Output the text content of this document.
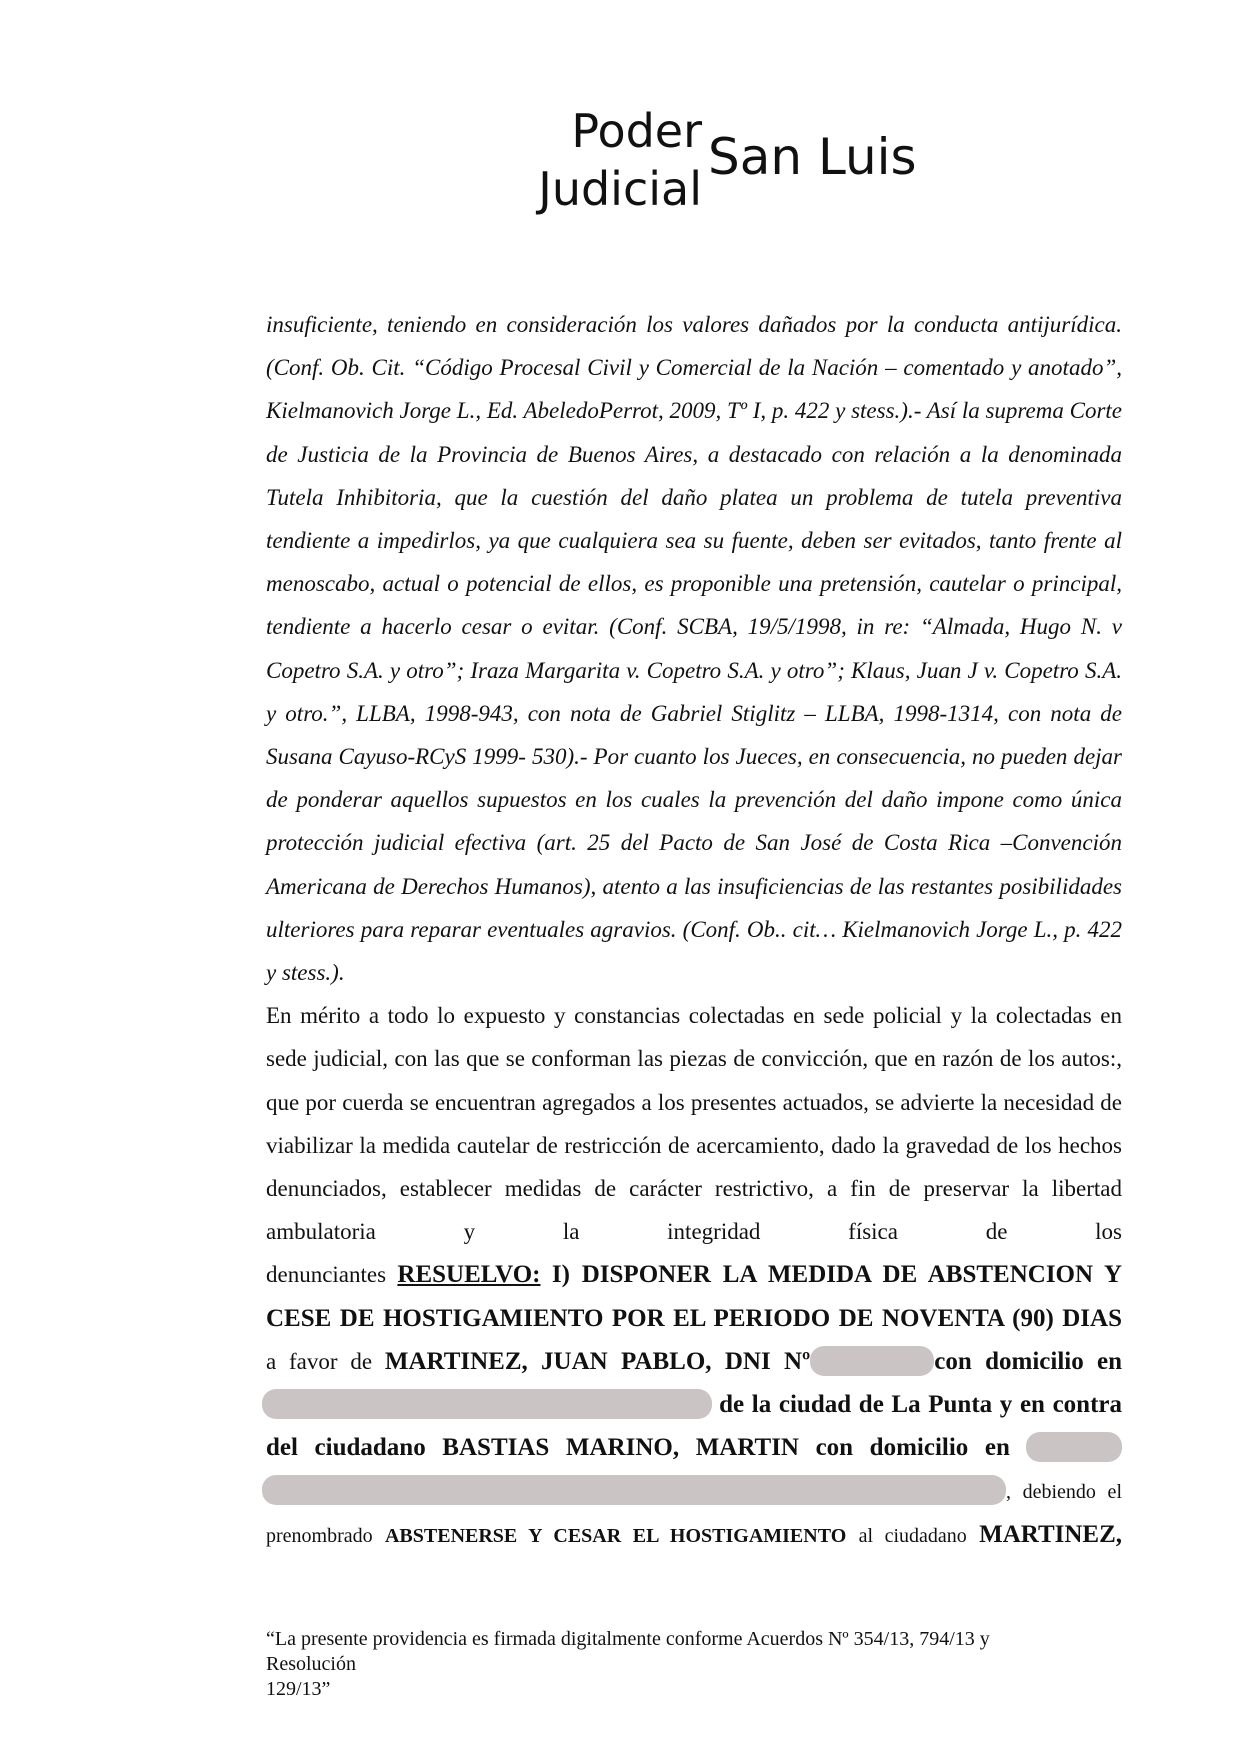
Poder
Judicial
San Luis

insuficiente, teniendo en consideración los valores dañados por la conducta antijurídica. (Conf. Ob. Cit. “Código Procesal Civil y Comercial de la Nación – comentado y anotado”, Kielmanovich Jorge L., Ed. AbeledoPerrot, 2009, Tº I, p. 422 y stess.).- Así la suprema Corte de Justicia de la Provincia de Buenos Aires, a destacado con relación a la denominada Tutela Inhibitoria, que la cuestión del daño platea un problema de tutela preventiva tendiente a impedirlos, ya que cualquiera sea su fuente, deben ser evitados, tanto frente al menoscabo, actual o potencial de ellos, es proponible una pretensión, cautelar o principal, tendiente a hacerlo cesar o evitar. (Conf. SCBA, 19/5/1998, in re: “Almada, Hugo N. v Copetro S.A. y otro”; Iraza Margarita v. Copetro S.A. y otro”; Klaus, Juan J v. Copetro S.A. y otro.”, LLBA, 1998-943, con nota de Gabriel Stiglitz – LLBA, 1998-1314, con nota de Susana Cayuso-RCyS 1999- 530).- Por cuanto los Jueces, en consecuencia, no pueden dejar de ponderar aquellos supuestos en los cuales la prevención del daño impone como única protección judicial efectiva (art. 25 del Pacto de San José de Costa Rica –Convención Americana de Derechos Humanos), atento a las insuficiencias de las restantes posibilidades ulteriores para reparar eventuales agravios. (Conf. Ob.. cit… Kielmanovich Jorge L., p. 422 y stess.).

En mérito a todo lo expuesto y constancias colectadas en sede policial y la colectadas en sede judicial, con las que se conforman las piezas de convicción, que en razón de los autos:, que por cuerda se encuentran agregados a los presentes actuados, se advierte la necesidad de viabilizar la medida cautelar de restricción de acercamiento, dado la gravedad de los hechos denunciados, establecer medidas de carácter restrictivo, a fin de preservar la libertad ambulatoria y la integridad física de los

denunciantes RESUELVO: I) DISPONER LA MEDIDA DE ABSTENCION Y
CESE DE HOSTIGAMIENTO POR EL PERIODO DE NOVENTA (90) DIAS
a favor de MARTINEZ, JUAN PABLO, DNI Nº	con domicilio en
de la ciudad de La Punta y en contra
del ciudadano BASTIAS MARINO, MARTIN con domicilio en
, debiendo el
prenombrado ABSTENERSE Y CESAR EL HOSTIGAMIENTO al ciudadano MARTINEZ,
“La presente providencia es firmada digitalmente conforme Acuerdos Nº 354/13, 794/13 y
Resolución
129/13”
